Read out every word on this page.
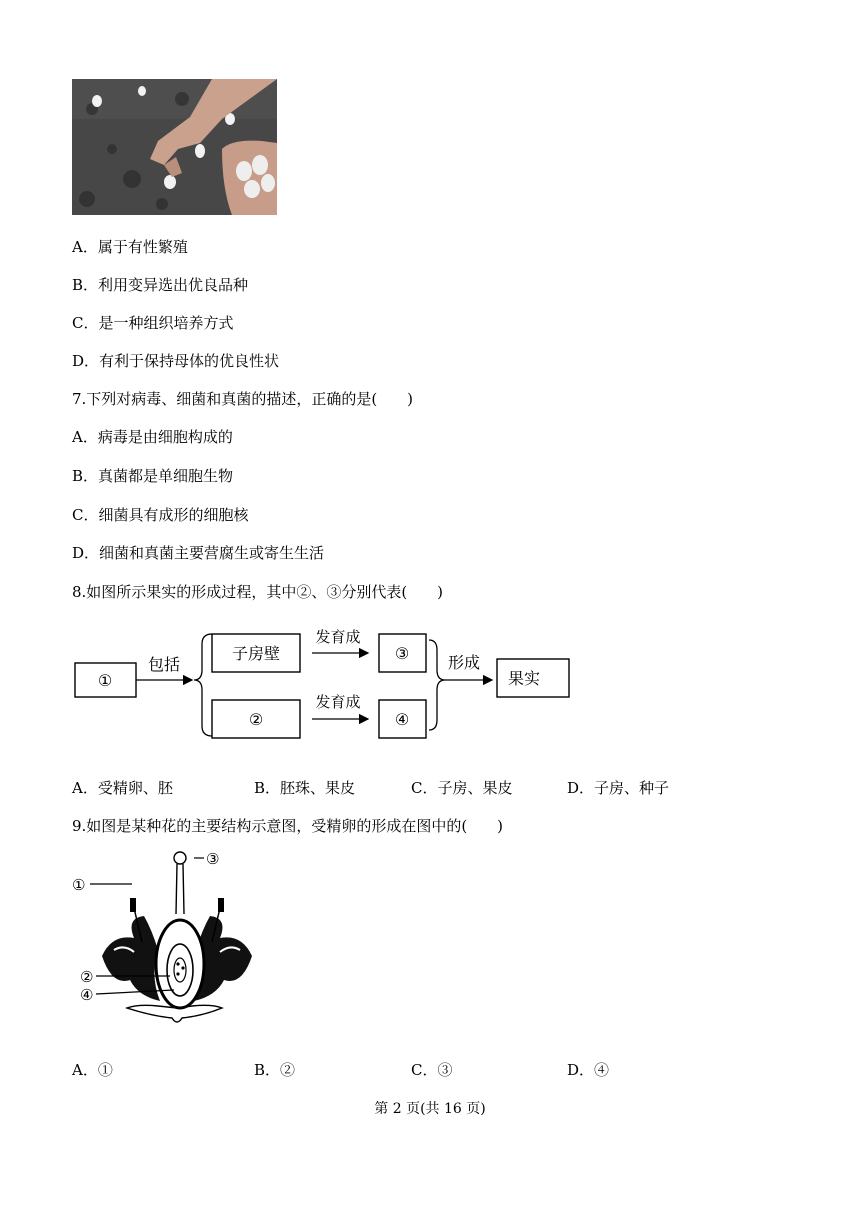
A．属于有性繁殖
B．利用变异选出优良品种
C．是一种组织培养方式
D．有利于保持母体的优良性状
7.下列对病毒、细菌和真菌的描述，正确的是(　　)
A．病毒是由细胞构成的
B．真菌都是单细胞生物
C．细菌具有成形的细胞核
D．细菌和真菌主要营腐生或寄生生活
8.如图所示果实的形成过程，其中②、③分别代表(　　)
①
包括
子房壁
②
发育成
发育成
③
④
形成
果实
A．受精卵、胚	B．胚珠、果皮	C．子房、果皮	D．子房、种子
9.如图是某种花的主要结构示意图，受精卵的形成在图中的(　　)
③
①
②
④
A．①	B．②	C．③	D．④
第 2 页(共 16 页)
